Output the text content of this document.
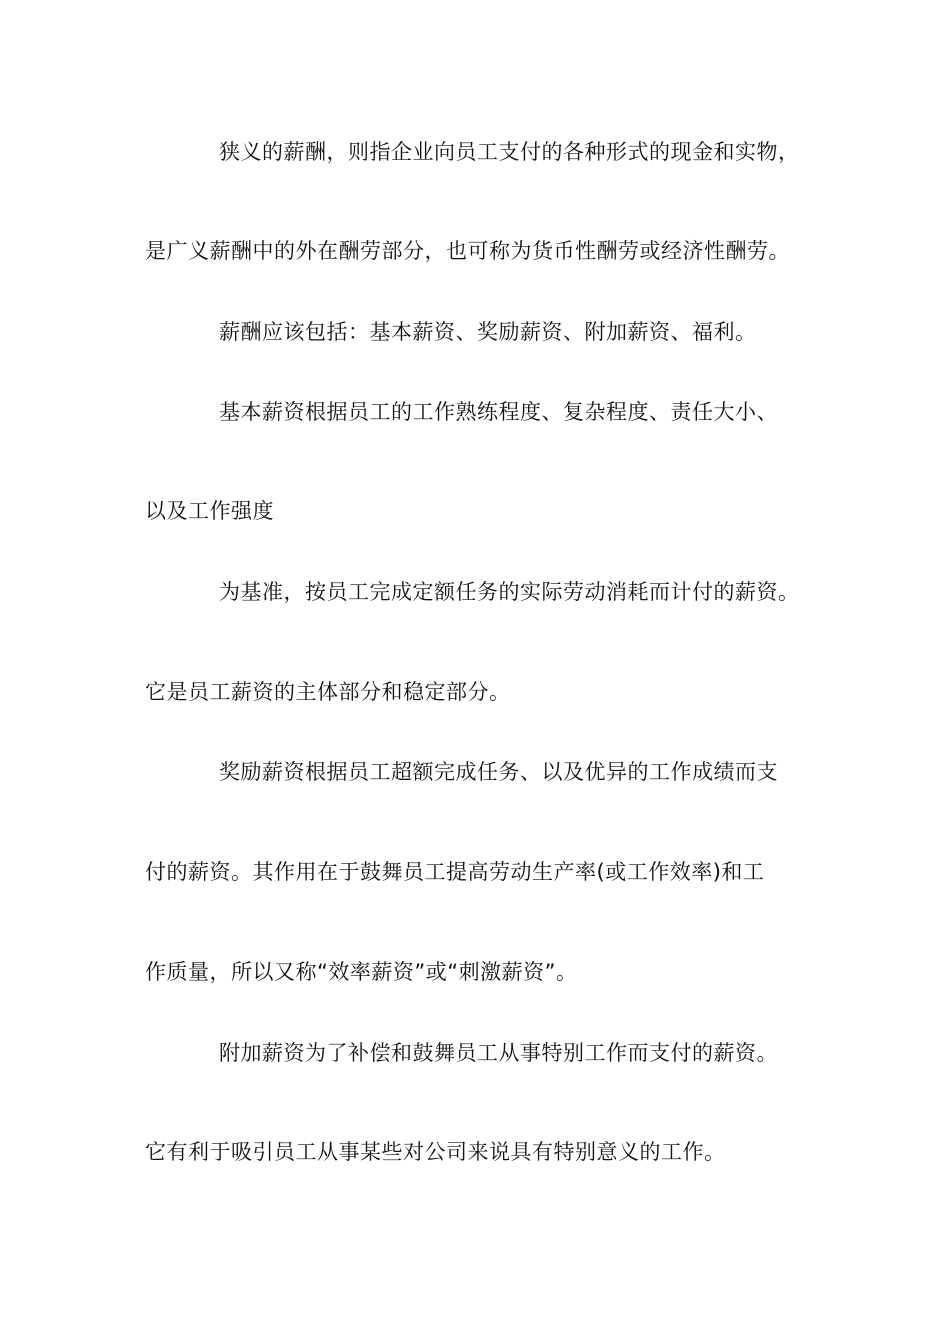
狭义的薪酬，则指企业向员工支付的各种形式的现金和实物，
是广义薪酬中的外在酬劳部分，也可称为货币性酬劳或经济性酬劳。
薪酬应该包括：基本薪资、奖励薪资、附加薪资、福利。
基本薪资根据员工的工作熟练程度、复杂程度、责任大小、
以及工作强度
为基准，按员工完成定额任务的实际劳动消耗而计付的薪资。
它是员工薪资的主体部分和稳定部分。
奖励薪资根据员工超额完成任务、以及优异的工作成绩而支
付的薪资。其作用在于鼓舞员工提高劳动生产率(或工作效率)和工
作质量，所以又称“效率薪资”或“刺激薪资”。
附加薪资为了补偿和鼓舞员工从事特别工作而支付的薪资。
它有利于吸引员工从事某些对公司来说具有特别意义的工作。
